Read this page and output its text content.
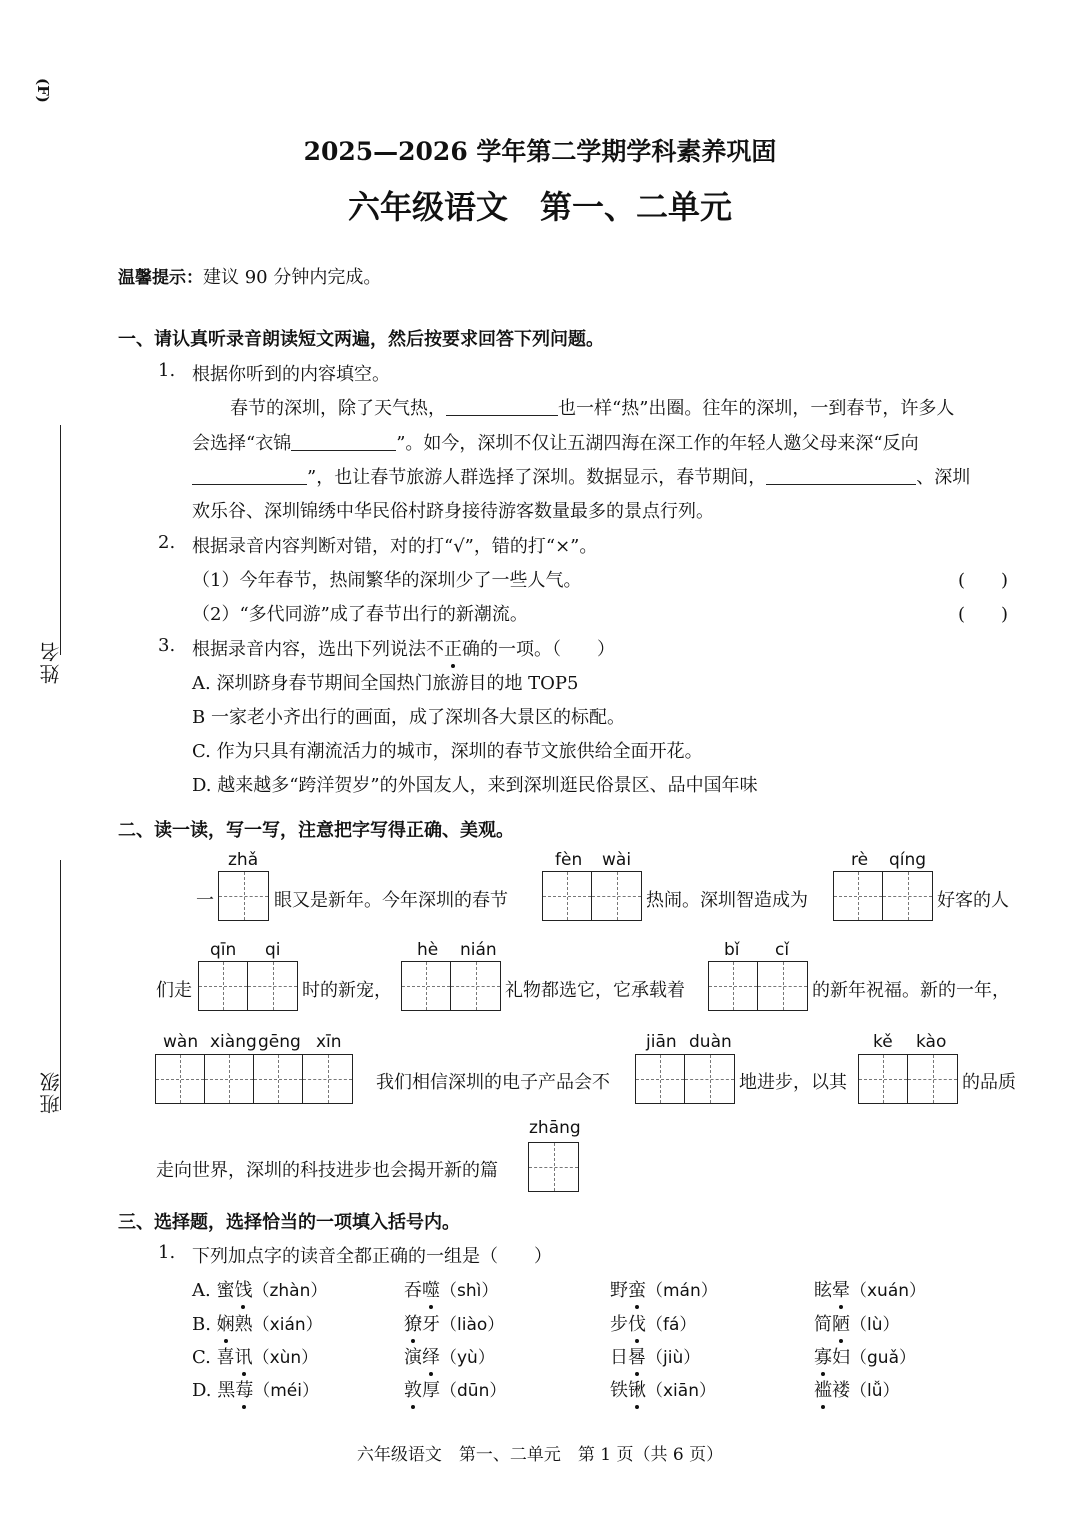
(F)
姓名
班级
2025—2026 学年第二学期学科素养巩固
六年级语文　第一、二单元
温馨提示：建议 90 分钟内完成。
一、请认真听录音朗读短文两遍，然后按要求回答下列问题。
1. 根据你听到的内容填空。
春节的深圳，除了天气热，	也一样“热”出圈。往年的深圳，一到春节，许多人
会选择“衣锦	”。如今，深圳不仅让五湖四海在深工作的年轻人邀父母来深“反向
”，也让春节旅游人群选择了深圳。数据显示，春节期间，	、深圳
欢乐谷、深圳锦绣中华民俗村跻身接待游客数量最多的景点行列。
2. 根据录音内容判断对错，对的打“√”，错的打“×”。
（1）今年春节，热闹繁华的深圳少了一些人气。	(　　)
（2）“多代同游”成了春节出行的新潮流。	(　　)
3. 根据录音内容，选出下列说法不正确的一项。（　　）
A. 深圳跻身春节期间全国热门旅游目的地 TOP5
B 一家老小齐出行的画面，成了深圳各大景区的标配。
C. 作为只具有潮流活力的城市，深圳的春节文旅供给全面开花。
D. 越来越多“跨洋贺岁”的外国友人，来到深圳逛民俗景区、品中国年味
二、读一读，写一写，注意把字写得正确、美观。
zhǎ	fèn wài	rè qíng
一	眼又是新年。今年深圳的春节	热闹。深圳智造成为	好客的人
qīn qi	hè nián	bǐ cǐ
们走	时的新宠，	礼物都选它，它承载着	的新年祝福。新的一年，
wàn xiàng gēng xīn	jiān duàn	kě kào
我们相信深圳的电子产品会不	地进步，以其	的品质
zhāng
走向世界，深圳的科技进步也会揭开新的篇
三、选择题，选择恰当的一项填入括号内。
1. 下列加点字的读音全都正确的一组是（　　）
A. 蜜饯（zhàn）	吞噬（shì）	野蛮（mán）	眩晕（xuán）
B. 娴熟（xián）	獠牙（liào）	步伐（fá）	简陋（lù）
C. 喜讯（xùn）	演绎（yù）	日晷（jiù）	寡妇（guǎ）
D. 黑莓（méi）	敦厚（dūn）	铁锹（xiān）	褴褛（lǚ）
六年级语文　第一、二单元　第 1 页（共 6 页）
